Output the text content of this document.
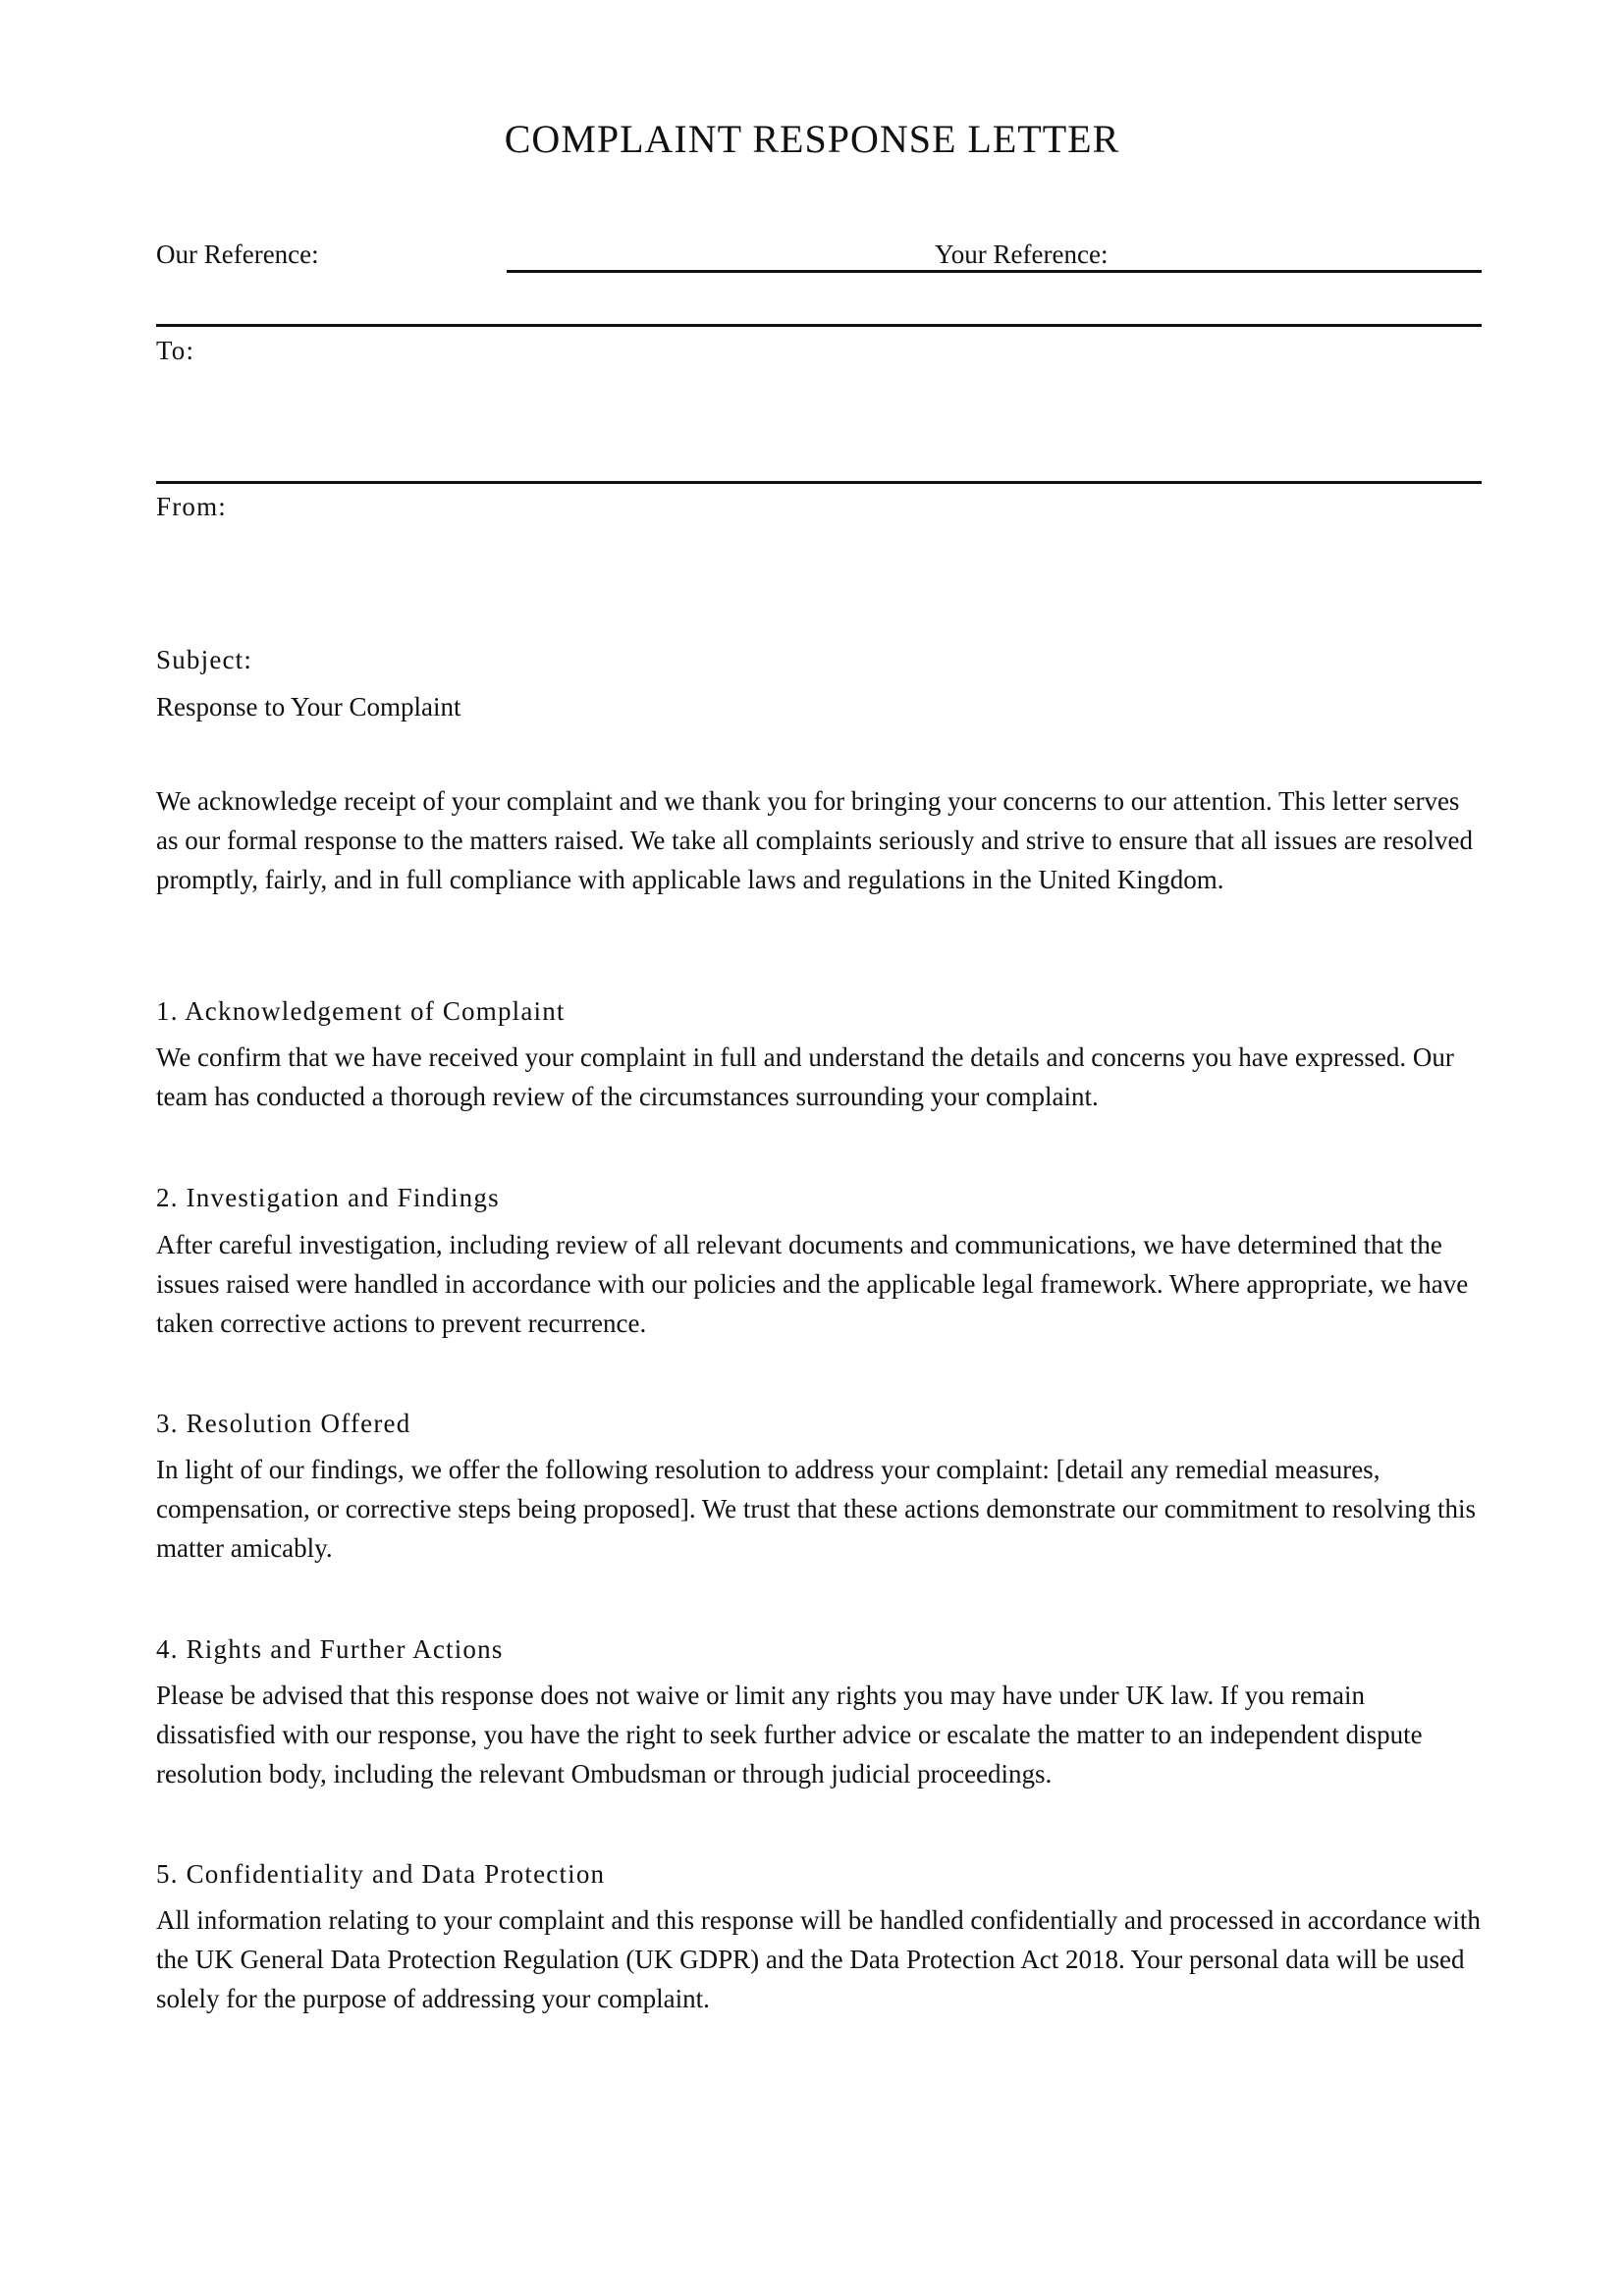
COMPLAINT RESPONSE LETTER
Our Reference:	Your Reference:
To:
From:
Subject:
Response to Your Complaint

We acknowledge receipt of your complaint and we thank you for bringing your concerns to our attention. This letter serves as our formal response to the matters raised. We take all complaints seriously and strive to ensure that all issues are resolved promptly, fairly, and in full compliance with applicable laws and regulations in the United Kingdom.

1. Acknowledgement of Complaint

We confirm that we have received your complaint in full and understand the details and concerns you have expressed. Our team has conducted a thorough review of the circumstances surrounding your complaint.

2. Investigation and Findings

After careful investigation, including review of all relevant documents and communications, we have determined that the issues raised were handled in accordance with our policies and the applicable legal framework. Where appropriate, we have taken corrective actions to prevent recurrence.

3. Resolution Offered

In light of our findings, we offer the following resolution to address your complaint: [detail any remedial measures, compensation, or corrective steps being proposed]. We trust that these actions demonstrate our commitment to resolving this matter amicably.

4. Rights and Further Actions

Please be advised that this response does not waive or limit any rights you may have under UK law. If you remain dissatisfied with our response, you have the right to seek further advice or escalate the matter to an independent dispute resolution body, including the relevant Ombudsman or through judicial proceedings.

5. Confidentiality and Data Protection

All information relating to your complaint and this response will be handled confidentially and processed in accordance with the UK General Data Protection Regulation (UK GDPR) and the Data Protection Act 2018. Your personal data will be used solely for the purpose of addressing your complaint.
